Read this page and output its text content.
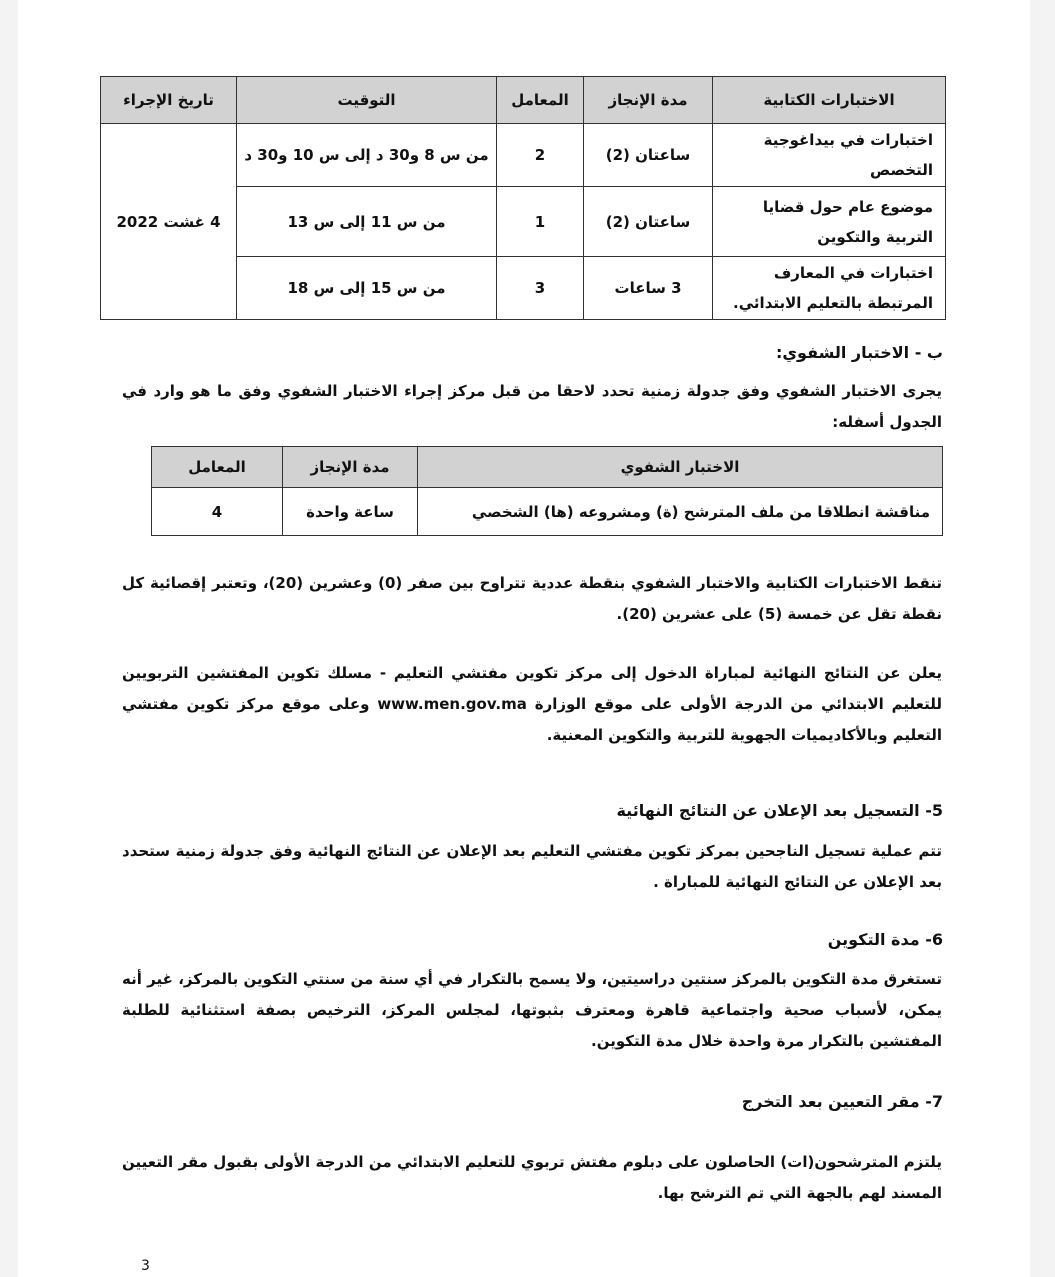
الاختبارات الكتابية	مدة الإنجاز	المعامل	التوقيت	تاريخ الإجراء
اختبارات في بيداغوجية التخصص	ساعتان (2)	2	من س 8 و30 د إلى س 10 و30 د	4 غشت 2022
موضوع عام حول قضايا التربية والتكوين	ساعتان (2)	1	من س 11 إلى س 13	
اختبارات في المعارف المرتبطة بالتعليم الابتدائي.	3 ساعات	3	من س 15 إلى س 18	
ب - الاختبار الشفوي:
يجرى الاختبار الشفوي وفق جدولة زمنية تحدد لاحقا من قبل مركز إجراء الاختبار الشفوي وفق ما هو وارد في الجدول أسفله:
الاختبار الشفوي	مدة الإنجاز	المعامل
مناقشة انطلاقا من ملف المترشح (ة) ومشروعه (ها) الشخصي	ساعة واحدة	4
تنقط الاختبارات الكتابية والاختبار الشفوي بنقطة عددية تتراوح بين صفر (0) وعشرين (20)، وتعتبر إقصائية كل نقطة تقل عن خمسة (5) على عشرين (20).
يعلن عن النتائج النهائية لمباراة الدخول إلى مركز تكوين مفتشي التعليم - مسلك تكوين المفتشين التربويين للتعليم الابتدائي من الدرجة الأولى على موقع الوزارة www.men.gov.ma وعلى موقع مركز تكوين مفتشي التعليم وبالأكاديميات الجهوية للتربية والتكوين المعنية.
5- التسجيل بعد الإعلان عن النتائج النهائية
تتم عملية تسجيل الناجحين بمركز تكوين مفتشي التعليم بعد الإعلان عن النتائج النهائية وفق جدولة زمنية ستحدد بعد الإعلان عن النتائج النهائية للمباراة .
6- مدة التكوين
تستغرق مدة التكوين بالمركز سنتين دراسيتين، ولا يسمح بالتكرار في أي سنة من سنتي التكوين بالمركز، غير أنه يمكن، لأسباب صحية واجتماعية قاهرة ومعترف بثبوتها، لمجلس المركز، الترخيص بصفة استثنائية للطلبة المفتشين بالتكرار مرة واحدة خلال مدة التكوين.
7- مقر التعيين بعد التخرج
يلتزم المترشحون(ات) الحاصلون على دبلوم مفتش تربوي للتعليم الابتدائي من الدرجة الأولى بقبول مقر التعيين المسند لهم بالجهة التي تم الترشح بها.
3
